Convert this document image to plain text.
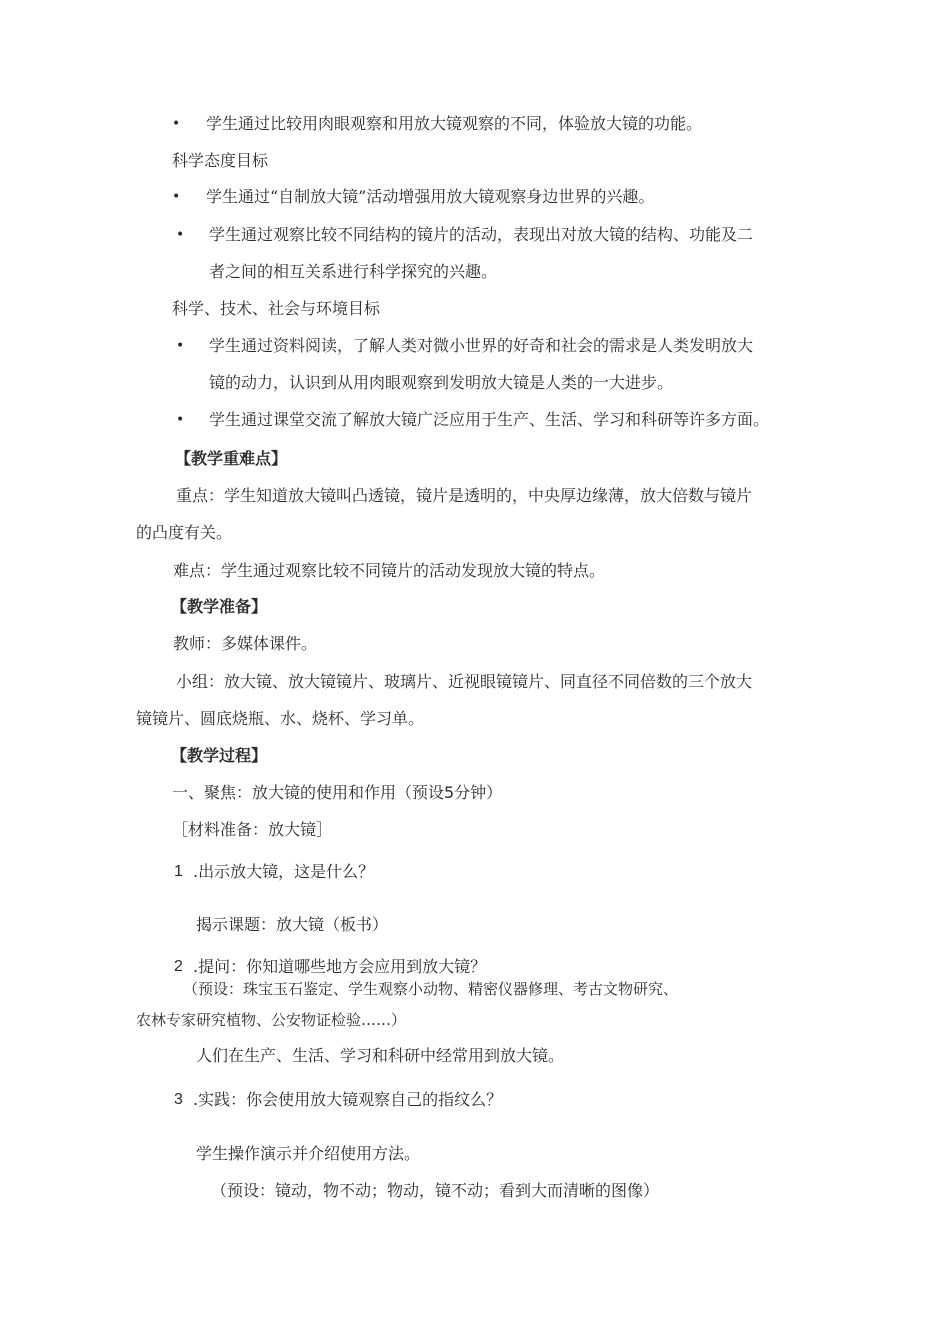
• 学生通过比较用肉眼观察和用放大镜观察的不同，体验放大镜的功能。
科学态度目标
• 学生通过“自制放大镜”活动增强用放大镜观察身边世界的兴趣。
• 学生通过观察比较不同结构的镜片的活动，表现出对放大镜的结构、功能及二
者之间的相互关系进行科学探究的兴趣。
科学、技术、社会与环境目标
• 学生通过资料阅读，了解人类对微小世界的好奇和社会的需求是人类发明放大
镜的动力，认识到从用肉眼观察到发明放大镜是人类的一大进步。
• 学生通过课堂交流了解放大镜广泛应用于生产、生活、学习和科研等许多方面。
【教学重难点】
重点：学生知道放大镜叫凸透镜，镜片是透明的，中央厚边缘薄，放大倍数与镜片
的凸度有关。
难点：学生通过观察比较不同镜片的活动发现放大镜的特点。
【教学准备】
教师：多媒体课件。
小组：放大镜、放大镜镜片、玻璃片、近视眼镜镜片、同直径不同倍数的三个放大
镜镜片、圆底烧瓶、水、烧杯、学习单。
【教学过程】
一、聚焦：放大镜的使用和作用（预设5分钟）
［材料准备：放大镜］
1 .出示放大镜，这是什么？
揭示课题：放大镜（板书）
2 .提问：你知道哪些地方会应用到放大镜？
（预设：珠宝玉石鉴定、学生观察小动物、精密仪器修理、考古文物研究、
农林专家研究植物、公安物证检验……）
人们在生产、生活、学习和科研中经常用到放大镜。
3 .实践：你会使用放大镜观察自己的指纹么？
学生操作演示并介绍使用方法。
（预设：镜动，物不动；物动，镜不动；看到大而清晰的图像）
